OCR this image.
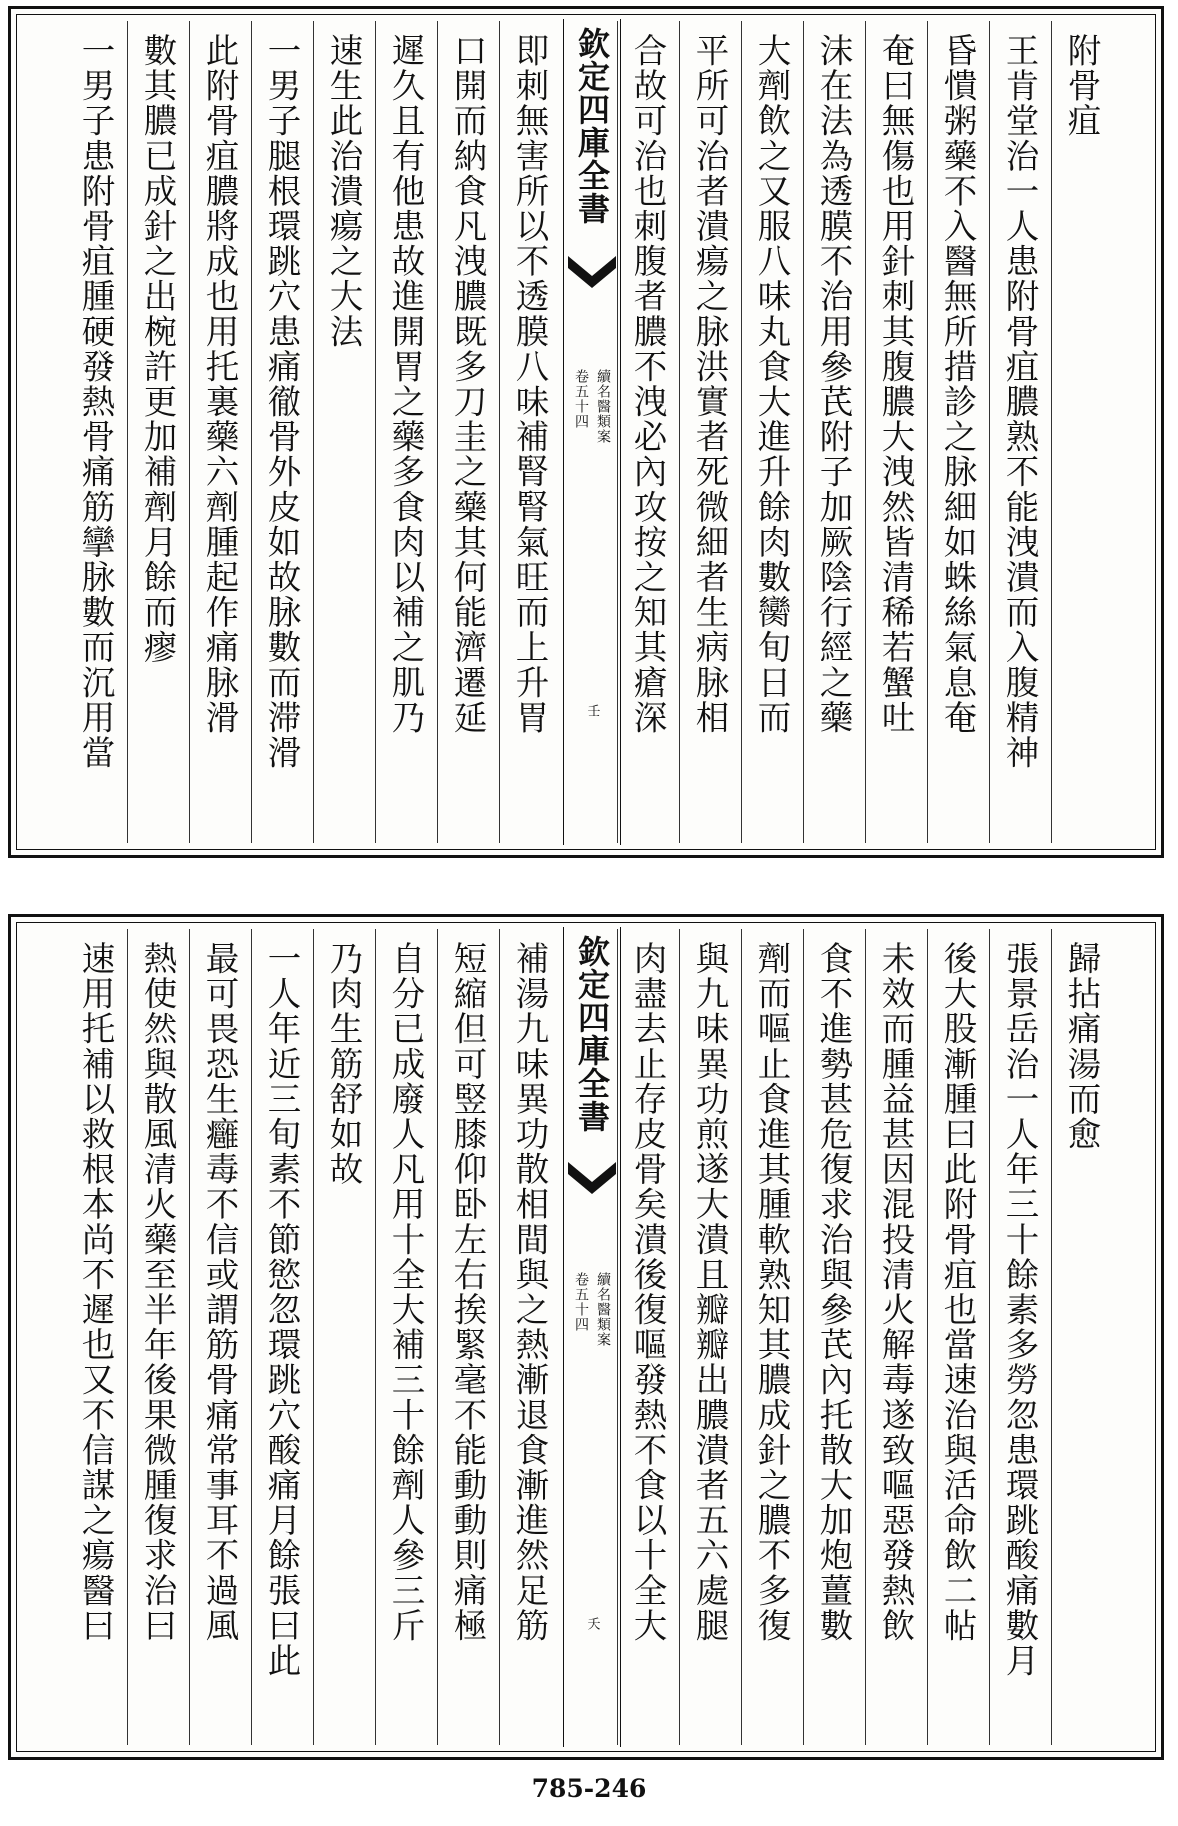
附骨疽
王肯堂治一人患附骨疽膿熟不能洩潰而入腹精神
昏憒粥藥不入醫無所措診之脉細如蛛絲氣息奄
奄曰無傷也用針刺其腹膿大洩然皆清稀若蟹吐
沫在法為透膜不治用參芪附子加厥陰行經之藥
大劑飲之又服八味丸食大進升餘肉數臠旬日而
平所可治者潰瘍之脉洪實者死微細者生病脉相
合故可治也刺腹者膿不洩必內攻按之知其瘡深
欽定四庫全書
卷五十四 續名醫類案
壬
即刺無害所以不透膜八味補腎腎氣旺而上升胃
口開而納食凡洩膿既多刀圭之藥其何能濟遷延
遲久且有他患故進開胃之藥多食肉以補之肌乃
速生此治潰瘍之大法
一男子腿根環跳穴患痛徹骨外皮如故脉數而滞滑
此附骨疽膿將成也用托裏藥六劑腫起作痛脉滑
數其膿已成針之出椀許更加補劑月餘而瘳
一男子患附骨疽腫硬發熱骨痛筋攣脉數而沉用當
歸拈痛湯而愈
張景岳治一人年三十餘素多勞忽患環跳酸痛數月
後大股漸腫曰此附骨疽也當速治與活命飲二帖
未效而腫益甚因混投清火解毒遂致嘔惡發熱飲
食不進勢甚危復求治與參芪內托散大加炮薑數
劑而嘔止食進其腫軟熟知其膿成針之膿不多復
與九味異功煎遂大潰且瓣瓣出膿潰者五六處腿
肉盡去止存皮骨矣潰後復嘔發熱不食以十全大
欽定四庫全書
卷五十四 續名醫類案
夭
補湯九味異功散相間與之熱漸退食漸進然足筋
短縮但可竪膝仰卧左右挨緊毫不能動動則痛極
自分已成廢人凡用十全大補三十餘劑人參三斤
乃肉生筋舒如故
一人年近三旬素不節慾忽環跳穴酸痛月餘張曰此
最可畏恐生癰毒不信或謂筋骨痛常事耳不過風
熱使然與散風清火藥至半年後果微腫復求治曰
速用托補以救根本尚不遲也又不信謀之瘍醫曰
785-246
